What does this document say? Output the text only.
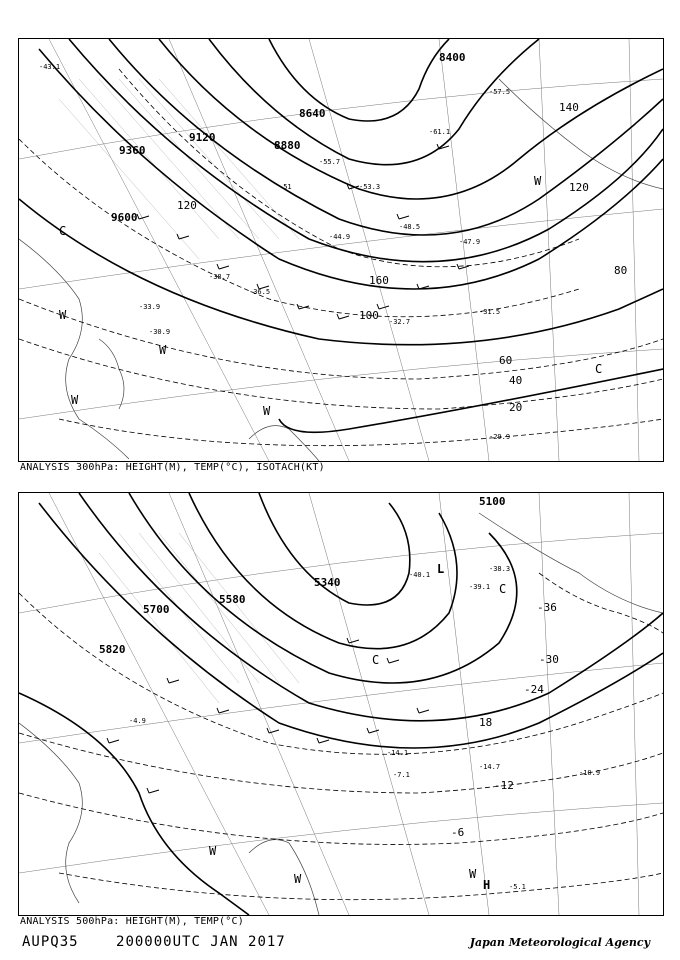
8400
8640
8880
9120
9360
9600
20
40
60
80
100
120
140
160
120
-61.1
-55.7
-53.3
-51
-48.5
-44.9
-38.7
-36.5
-32.7
-31.5
-30.9
-29.9
-57.5
-47.9
-33.9
-43.1
W
W
W
W
C
C
W
ANALYSIS 300hPa: HEIGHT(M), TEMP(°C), ISOTACH(KT)
5100
5340
5580
5700
5820
-36
-30
-24
18
-12
-6
-38.3
-39.1
-40.1
-14.1
-14.7
-10.9
-7.1
-4.9
-5.1
L
C
W
W
H
C
W
ANALYSIS 500hPa: HEIGHT(M), TEMP(°C)
AUPQ35	200000UTC JAN 2017	Japan Meteorological Agency
